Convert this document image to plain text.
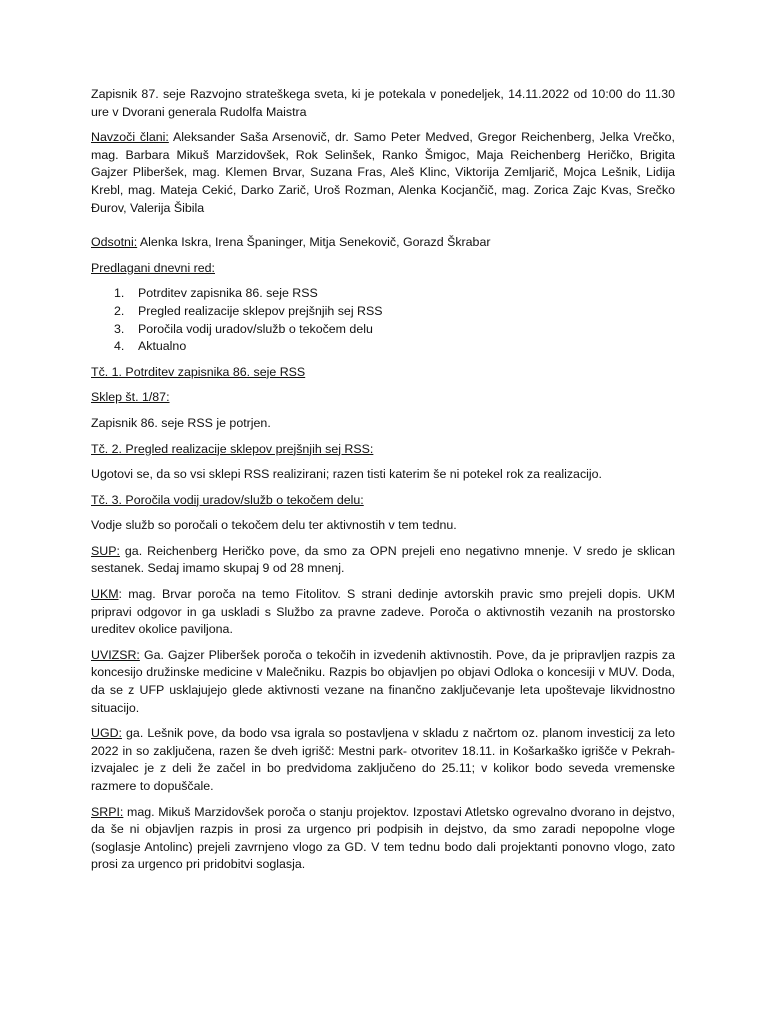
Zapisnik 87. seje Razvojno strateškega sveta, ki je potekala v ponedeljek, 14.11.2022 od 10:00 do 11.30 ure v Dvorani generala Rudolfa Maistra

Navzoči člani: Aleksander Saša Arsenovič, dr. Samo Peter Medved, Gregor Reichenberg, Jelka Vrečko, mag. Barbara Mikuš Marzidovšek, Rok Selinšek, Ranko Šmigoc, Maja Reichenberg Heričko, Brigita Gajzer Pliberšek, mag. Klemen Brvar, Suzana Fras, Aleš Klinc, Viktorija Zemljarič, Mojca Lešnik, Lidija Krebl, mag. Mateja Cekić, Darko Zarič, Uroš Rozman, Alenka Kocjančič, mag. Zorica Zajc Kvas, Srečko Đurov, Valerija Šibila

Odsotni: Alenka Iskra, Irena Španinger, Mitja Senekovič, Gorazd Škrabar

Predlagani dnevni red:

1. Potrditev zapisnika 86. seje RSS
2. Pregled realizacije sklepov prejšnjih sej RSS
3. Poročila vodij uradov/služb o tekočem delu
4. Aktualno

Tč. 1. Potrditev zapisnika 86. seje RSS

Sklep št. 1/87:

Zapisnik 86. seje RSS je potrjen.

Tč. 2. Pregled realizacije sklepov prejšnjih sej RSS:

Ugotovi se, da so vsi sklepi RSS realizirani; razen tisti katerim še ni potekel rok za realizacijo.

Tč. 3. Poročila vodij uradov/služb o tekočem delu:

Vodje služb so poročali o tekočem delu ter aktivnostih v tem tednu.

SUP: ga. Reichenberg Heričko pove, da smo za OPN prejeli eno negativno mnenje. V sredo je sklican sestanek. Sedaj imamo skupaj 9 od 28 mnenj.

UKM: mag. Brvar poroča na temo Fitolitov. S strani dedinje avtorskih pravic smo prejeli dopis. UKM pripravi odgovor in ga uskladi s Službo za pravne zadeve. Poroča o aktivnostih vezanih na prostorsko ureditev okolice paviljona.

UVIZSR: Ga. Gajzer Pliberšek poroča o tekočih in izvedenih aktivnostih. Pove, da je pripravljen razpis za koncesijo družinske medicine v Malečniku. Razpis bo objavljen po objavi Odloka o koncesiji v MUV. Doda, da se z UFP usklajujejo glede aktivnosti vezane na finančno zaključevanje leta upoštevaje likvidnostno situacijo.

UGD: ga. Lešnik pove, da bodo vsa igrala so postavljena v skladu z načrtom oz. planom investicij za leto 2022 in so zaključena, razen še dveh igrišč: Mestni park- otvoritev 18.11. in Košarkaško igrišče v Pekrah- izvajalec je z deli že začel in bo predvidoma zaključeno do 25.11; v kolikor bodo seveda vremenske razmere to dopuščale.

SRPI: mag. Mikuš Marzidovšek poroča o stanju projektov. Izpostavi Atletsko ogrevalno dvorano in dejstvo, da še ni objavljen razpis in prosi za urgenco pri podpisih in dejstvo, da smo zaradi nepopolne vloge (soglasje Antolinc) prejeli zavrnjeno vlogo za GD. V tem tednu bodo dali projektanti ponovno vlogo, zato prosi za urgenco pri pridobitvi soglasja.
